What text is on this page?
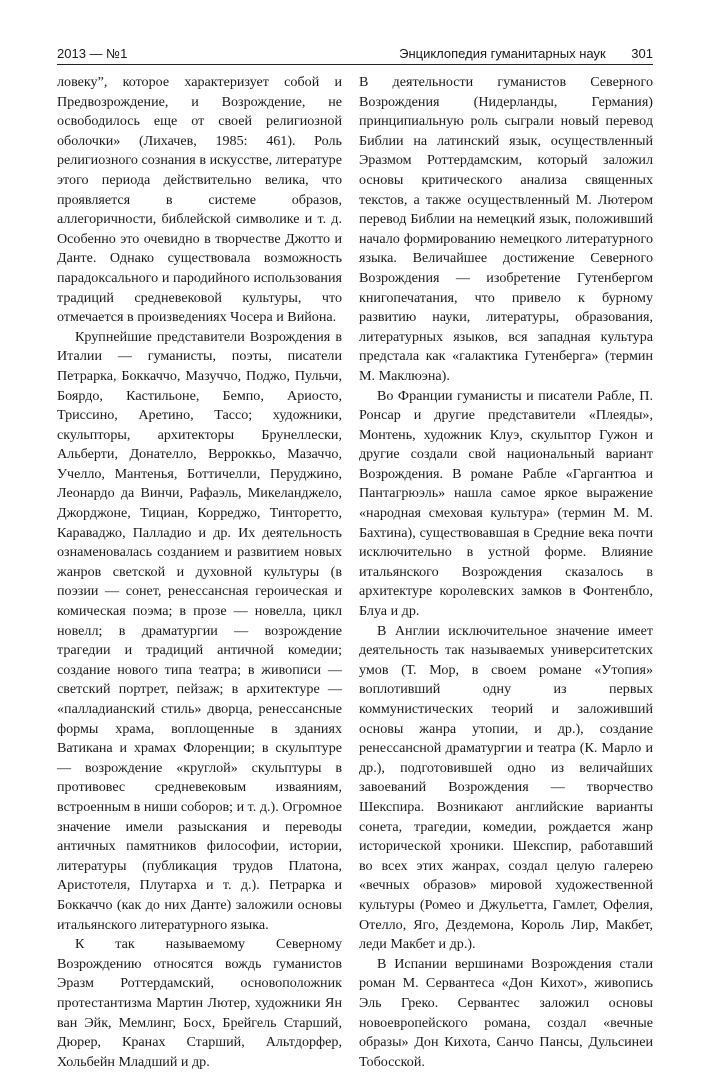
2013 — №1	Энциклопедия гуманитарных наук 301

ловеку”, которое характеризует собой и Предвозрождение, и Возрождение, не освободилось еще от своей религиозной оболочки» (Лихачев, 1985: 461). Роль религиозного сознания в искусстве, литературе этого периода действительно велика, что проявляется в системе образов, аллегоричности, библейской символике и т. д. Особенно это очевидно в творчестве Джотто и Данте. Однако существовала возможность парадоксального и пародийного использования традиций средневековой культуры, что отмечается в произведениях Чосера и Вийона.

Крупнейшие представители Возрождения в Италии — гуманисты, поэты, писатели Петрарка, Боккаччо, Мазуччо, Поджо, Пульчи, Боярдо, Кастильоне, Бемпо, Ариосто, Триссино, Аретино, Тассо; художники, скульпторы, архитекторы Брунеллески, Альберти, Донателло, Верроккьо, Мазаччо, Учелло, Мантенья, Боттичелли, Перуджино, Леонардо да Винчи, Рафаэль, Микеланджело, Джорджоне, Тициан, Корреджо, Тинторетто, Караваджо, Палладио и др. Их деятельность ознаменовалась созданием и развитием новых жанров светской и духовной культуры (в поэзии — сонет, ренессансная героическая и комическая поэма; в прозе — новелла, цикл новелл; в драматургии — возрождение трагедии и традиций античной комедии; создание нового типа театра; в живописи — светский портрет, пейзаж; в архитектуре — «палладианский стиль» дворца, ренессансные формы храма, воплощенные в зданиях Ватикана и храмах Флоренции; в скульптуре — возрождение «круглой» скульптуры в противовес средневековым изваяниям, встроенным в ниши соборов; и т. д.). Огромное значение имели разыскания и переводы античных памятников философии, истории, литературы (публикация трудов Платона, Аристотеля, Плутарха и т. д.). Петрарка и Боккаччо (как до них Данте) заложили основы итальянского литературного языка.

К так называемому Северному Возрождению относятся вождь гуманистов Эразм Роттердамский, основоположник протестантизма Мартин Лютер, художники Ян ван Эйк, Мемлинг, Босх, Брейгель Старший, Дюрер, Кранах Старший, Альтдорфер, Хольбейн Младший и др.

В деятельности гуманистов Северного Возрождения (Нидерланды, Германия) принципиальную роль сыграли новый перевод Библии на латинский язык, осуществленный Эразмом Роттердамским, который заложил основы критического анализа священных текстов, а также осуществленный М. Лютером перевод Библии на немецкий язык, положивший начало формированию немецкого литературного языка. Величайшее достижение Северного Возрождения — изобретение Гутенбергом книгопечатания, что привело к бурному развитию науки, литературы, образования, литературных языков, вся западная культура предстала как «галактика Гутенберга» (термин М. Маклюэна).

Во Франции гуманисты и писатели Рабле, П. Ронсар и другие представители «Плеяды», Монтень, художник Клуэ, скульптор Гужон и другие создали свой национальный вариант Возрождения. В романе Рабле «Гаргантюа и Пантагрюэль» нашла самое яркое выражение «народная смеховая культура» (термин М. М. Бахтина), существовавшая в Средние века почти исключительно в устной форме. Влияние итальянского Возрождения сказалось в архитектуре королевских замков в Фонтенбло, Блуа и др.

В Англии исключительное значение имеет деятельность так называемых университетских умов (Т. Мор, в своем романе «Утопия» воплотивший одну из первых коммунистических теорий и заложивший основы жанра утопии, и др.), создание ренессансной драматургии и театра (К. Марло и др.), подготовившей одно из величайших завоеваний Возрождения — творчество Шекспира. Возникают английские варианты сонета, трагедии, комедии, рождается жанр исторической хроники. Шекспир, работавший во всех этих жанрах, создал целую галерею «вечных образов» мировой художественной культуры (Ромео и Джульетта, Гамлет, Офелия, Отелло, Яго, Дездемона, Король Лир, Макбет, леди Макбет и др.).

В Испании вершинами Возрождения стали роман М. Сервантеса «Дон Кихот», живопись Эль Греко. Сервантес заложил основы новоевропейского романа, создал «вечные образы» Дон Кихота, Санчо Пансы, Дульсинеи Тобосской.
